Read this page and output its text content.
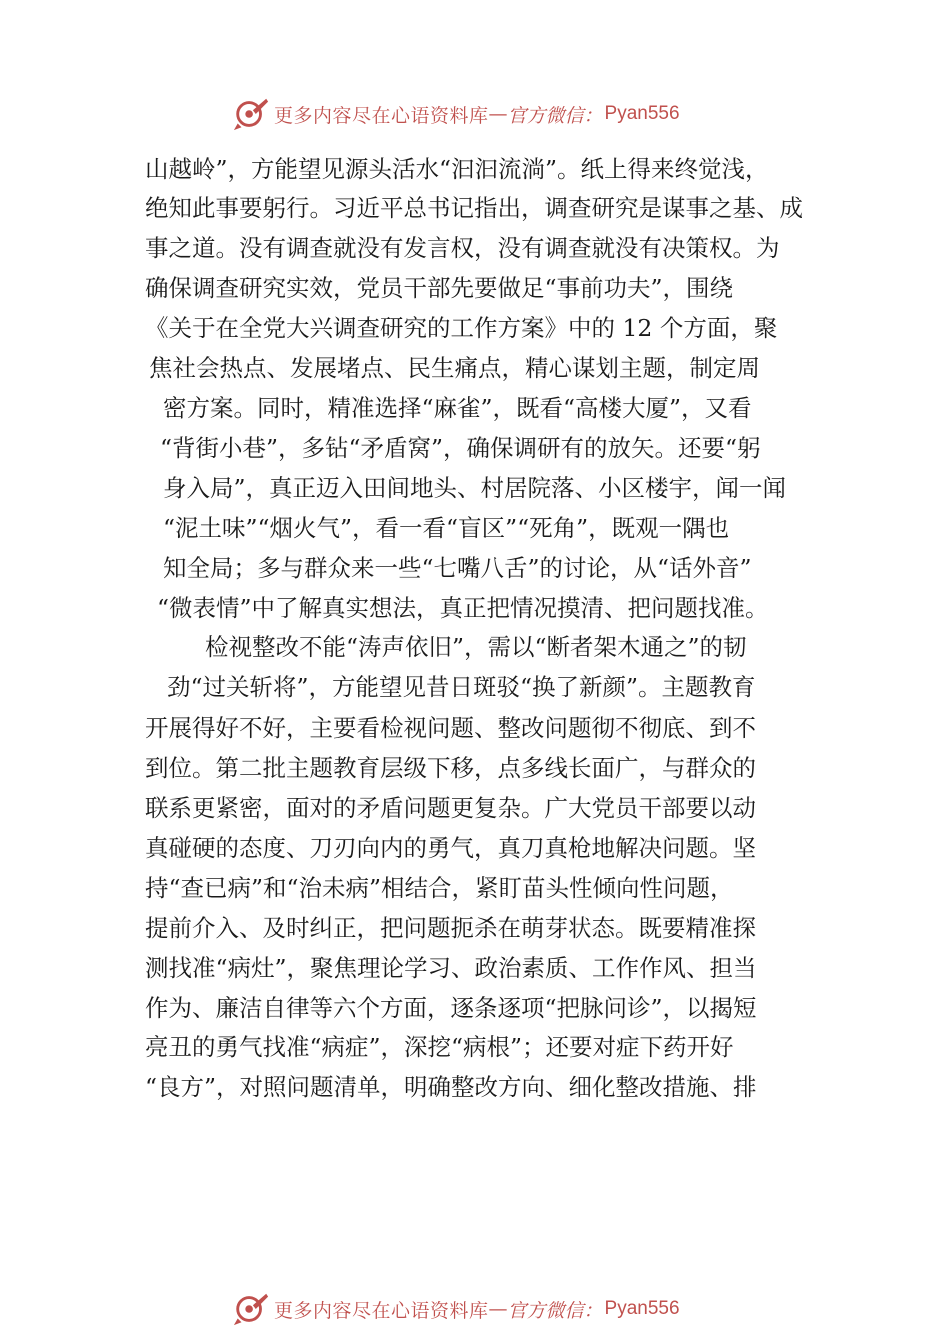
更多内容尽在心语资料库 — 官方微信： Pyan556
山越岭”，方能望见源头活水“汩汩流淌”。纸上得来终觉浅，
绝知此事要躬行。习近平总书记指出，调查研究是谋事之基、成
事之道。没有调查就没有发言权，没有调查就没有决策权。为
确保调查研究实效，党员干部先要做足“事前功夫”，围绕
《关于在全党大兴调查研究的工作方案》中的 12 个方面，聚
焦社会热点、发展堵点、民生痛点，精心谋划主题，制定周
密方案。同时，精准选择“麻雀”，既看“高楼大厦”，又看
“背街小巷”，多钻“矛盾窝”，确保调研有的放矢。还要“躬
身入局”，真正迈入田间地头、村居院落、小区楼宇，闻一闻
“泥土味”“烟火气”，看一看“盲区”“死角”，既观一隅也
知全局；多与群众来一些“七嘴八舌”的讨论，从“话外音”
“微表情”中了解真实想法，真正把情况摸清、把问题找准。
检视整改不能“涛声依旧”，需以“断者架木通之”的韧
劲“过关斩将”，方能望见昔日斑驳“换了新颜”。主题教育
开展得好不好，主要看检视问题、整改问题彻不彻底、到不
到位。第二批主题教育层级下移，点多线长面广，与群众的
联系更紧密，面对的矛盾问题更复杂。广大党员干部要以动
真碰硬的态度、刀刃向内的勇气，真刀真枪地解决问题。坚
持“查已病”和“治未病”相结合，紧盯苗头性倾向性问题，
提前介入、及时纠正，把问题扼杀在萌芽状态。既要精准探
测找准“病灶”，聚焦理论学习、政治素质、工作作风、担当
作为、廉洁自律等六个方面，逐条逐项“把脉问诊”，以揭短
亮丑的勇气找准“病症”，深挖“病根”；还要对症下药开好
“良方”，对照问题清单，明确整改方向、细化整改措施、排
更多内容尽在心语资料库 — 官方微信： Pyan556
